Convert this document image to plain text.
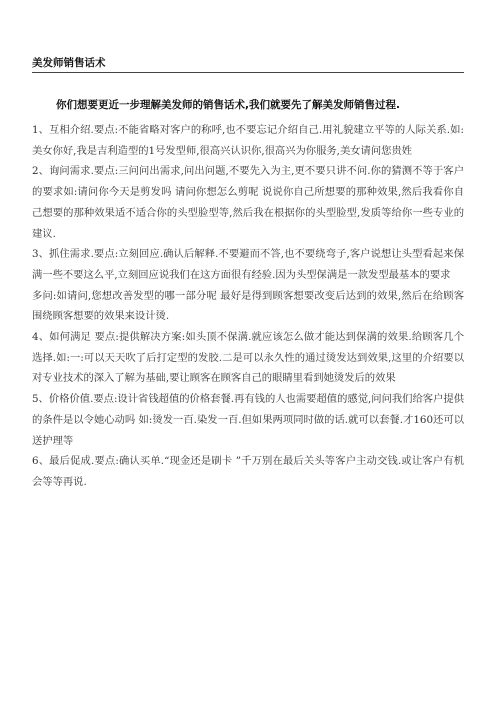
美发师销售话术
你们想要更近一步理解美发师的销售话术,我们就要先了解美发师销售过程.

1、互相介绍.要点:不能省略对客户的称呼,也不要忘记介绍自己.用礼貌建立平等的人际关系.如:美女你好,我是吉利造型的1号发型师,很高兴认识你,很高兴为你服务,美女请问您贵姓

2、询问需求.要点:三问问出需求,问出问题,不要先入为主,更不要只讲不问.你的猜测不等于客户的要求如:请问你今天是剪发吗 请问你想怎么剪呢 说说你自己所想要的那种效果,然后我看你自己想要的那种效果适不适合你的头型脸型等,然后我在根据你的头型脸型,发质等给你一些专业的建议.

3、抓住需求.要点:立刻回应.确认后解释.不要避而不答,也不要绕弯子,客户说想让头型看起来保满一些不要这么平,立刻回应说我们在这方面很有经验.因为头型保满是一款发型最基本的要求

多问:如请问,您想改善发型的哪一部分呢 最好是得到顾客想要改变后达到的效果,然后在给顾客围绕顾客想要的效果来设计烫.

4、如何满足 要点:提供解决方案:如头顶不保满.就应该怎么做才能达到保满的效果.给顾客几个选择.如:一:可以天天吹了后打定型的发胶.二是可以永久性的通过烫发达到效果,这里的介绍要以对专业技术的深入了解为基础,要让顾客在顾客自己的眼睛里看到她烫发后的效果

5、价格价值.要点:设计省钱超值的价格套餐.再有钱的人也需要超值的感觉,问问我们给客户提供的条件是以令她心动吗 如:烫发一百.染发一百.但如果两项同时做的话.就可以套餐.才160还可以送护理等

6、最后促成.要点:确认买单.“现金还是刷卡 ”千万别在最后关头等客户主动交钱.或让客户有机会等等再说.
